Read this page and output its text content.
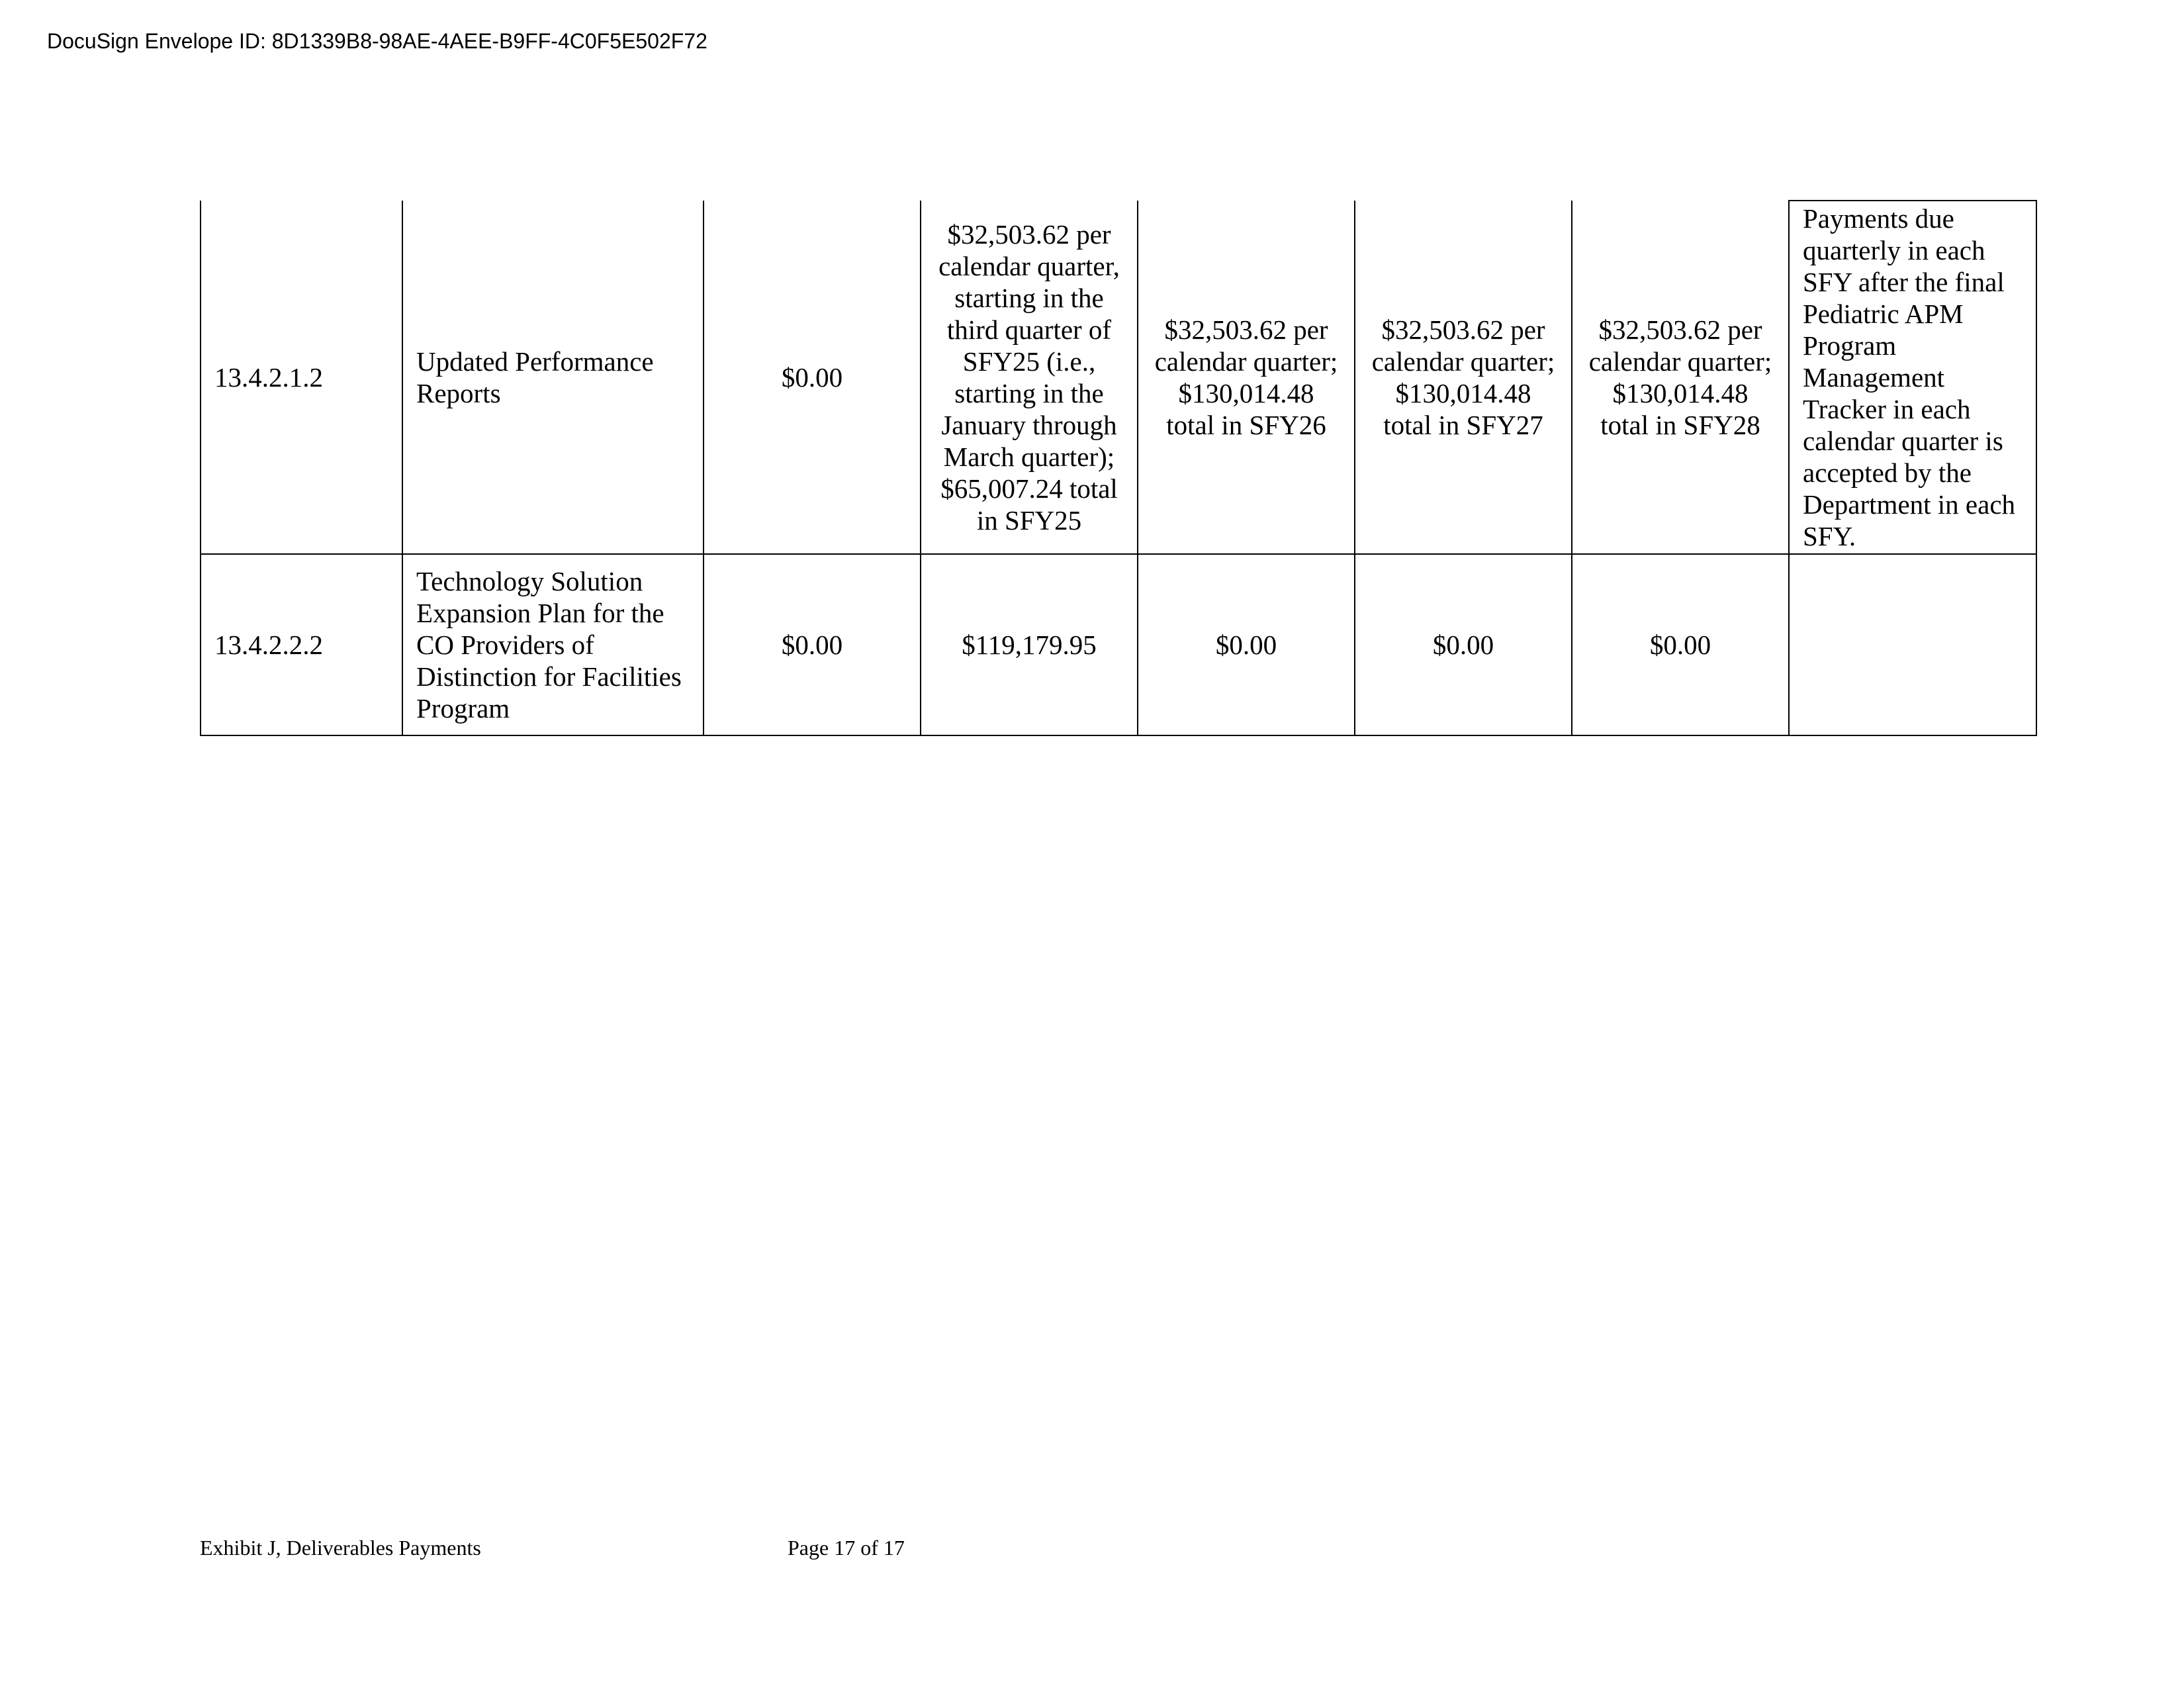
DocuSign Envelope ID: 8D1339B8-98AE-4AEE-B9FF-4C0F5E502F72
13.4.2.1.2	Updated Performance Reports	$0.00	$32,503.62 per calendar quarter, starting in the third quarter of SFY25 (i.e., starting in the January through March quarter); $65,007.24 total in SFY25	$32,503.62 per calendar quarter; $130,014.48 total in SFY26	$32,503.62 per calendar quarter; $130,014.48 total in SFY27	$32,503.62 per calendar quarter; $130,014.48 total in SFY28	Payments due quarterly in each SFY after the final Pediatric APM Program Management Tracker in each calendar quarter is accepted by the Department in each SFY.

13.4.2.2.2	Technology Solution Expansion Plan for the CO Providers of Distinction for Facilities Program	$0.00	$119,179.95	$0.00	$0.00	$0.00	

Exhibit J, Deliverables Payments	Page 17 of 17
